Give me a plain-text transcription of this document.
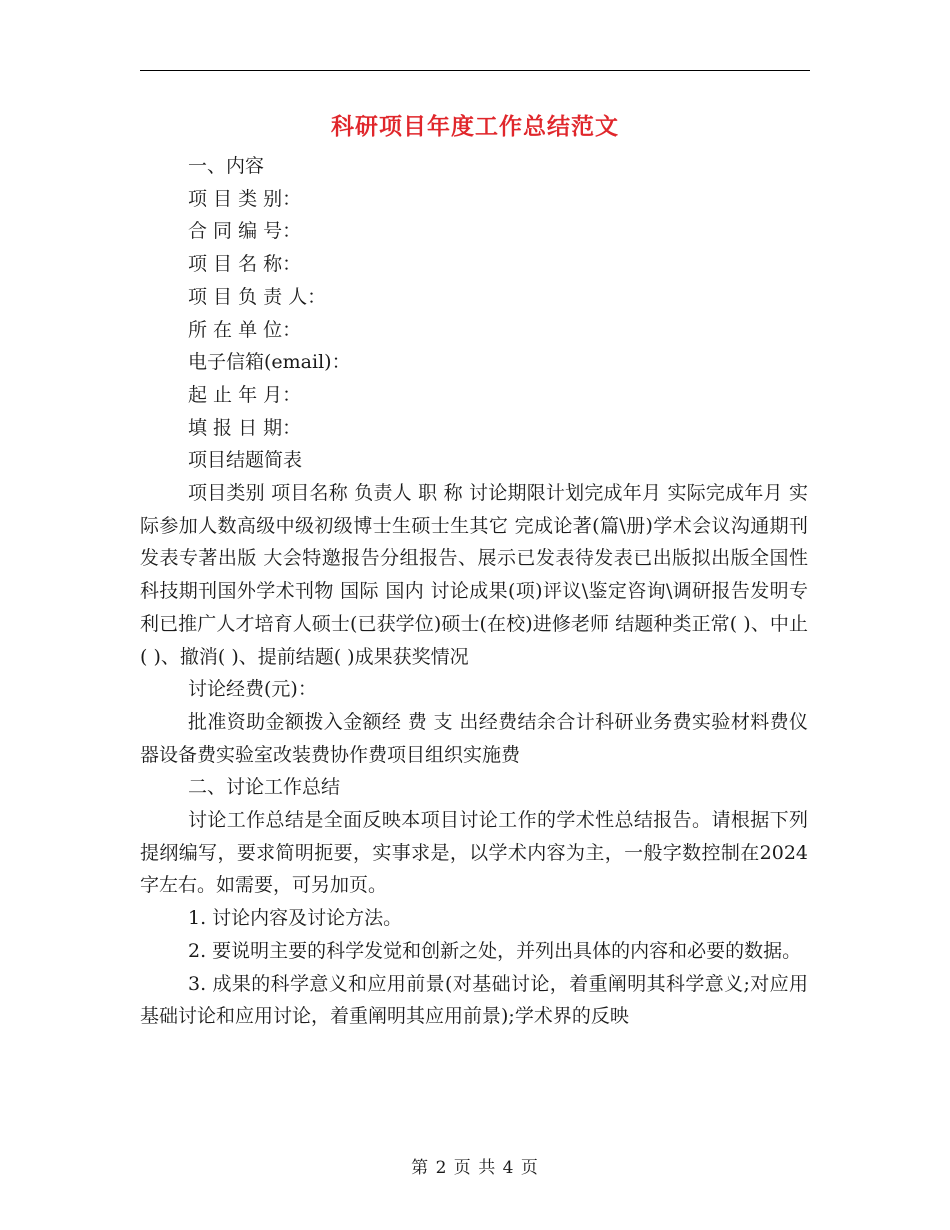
科研项目年度工作总结范文
一、内容
项 目 类 别：
合 同 编 号：
项 目 名 称：
项 目 负 责 人：
所 在 单 位：
电子信箱(email)：
起 止 年 月：
填 报 日 期：
项目结题简表
项目类别 项目名称 负责人 职 称 讨论期限计划完成年月 实际完成年月 实际参加人数高级中级初级博士生硕士生其它 完成论著(篇\册)学术会议沟通期刊发表专著出版 大会特邀报告分组报告、展示已发表待发表已出版拟出版全国性科技期刊国外学术刊物 国际 国内 讨论成果(项)评议\鉴定咨询\调研报告发明专利已推广人才培育人硕士(已获学位)硕士(在校)进修老师 结题种类正常( )、中止( )、撤消( )、提前结题( )成果获奖情况
讨论经费(元)：
批准资助金额拨入金额经 费 支 出经费结余合计科研业务费实验材料费仪器设备费实验室改装费协作费项目组织实施费
二、讨论工作总结
讨论工作总结是全面反映本项目讨论工作的学术性总结报告。请根据下列提纲编写，要求简明扼要，实事求是，以学术内容为主，一般字数控制在2024字左右。如需要，可另加页。
1. 讨论内容及讨论方法。
2. 要说明主要的科学发觉和创新之处，并列出具体的内容和必要的数据。
3. 成果的科学意义和应用前景(对基础讨论，着重阐明其科学意义;对应用基础讨论和应用讨论，着重阐明其应用前景);学术界的反映
第 2 页 共 4 页
